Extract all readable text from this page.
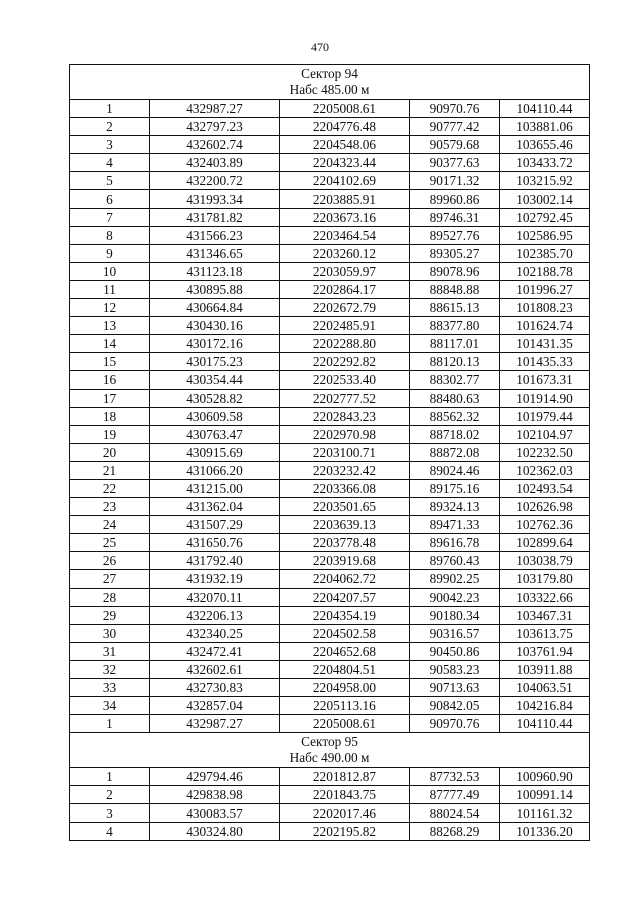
470
Сектор 94
Набс 485.00 м				

1	432987.27	2205008.61	90970.76	104110.44
2	432797.23	2204776.48	90777.42	103881.06
3	432602.74	2204548.06	90579.68	103655.46
4	432403.89	2204323.44	90377.63	103433.72
5	432200.72	2204102.69	90171.32	103215.92
6	431993.34	2203885.91	89960.86	103002.14
7	431781.82	2203673.16	89746.31	102792.45
8	431566.23	2203464.54	89527.76	102586.95
9	431346.65	2203260.12	89305.27	102385.70
10	431123.18	2203059.97	89078.96	102188.78
11	430895.88	2202864.17	88848.88	101996.27
12	430664.84	2202672.79	88615.13	101808.23
13	430430.16	2202485.91	88377.80	101624.74
14	430172.16	2202288.80	88117.01	101431.35
15	430175.23	2202292.82	88120.13	101435.33
16	430354.44	2202533.40	88302.77	101673.31
17	430528.82	2202777.52	88480.63	101914.90
18	430609.58	2202843.23	88562.32	101979.44
19	430763.47	2202970.98	88718.02	102104.97
20	430915.69	2203100.71	88872.08	102232.50
21	431066.20	2203232.42	89024.46	102362.03
22	431215.00	2203366.08	89175.16	102493.54
23	431362.04	2203501.65	89324.13	102626.98
24	431507.29	2203639.13	89471.33	102762.36
25	431650.76	2203778.48	89616.78	102899.64
26	431792.40	2203919.68	89760.43	103038.79
27	431932.19	2204062.72	89902.25	103179.80
28	432070.11	2204207.57	90042.23	103322.66
29	432206.13	2204354.19	90180.34	103467.31
30	432340.25	2204502.58	90316.57	103613.75
31	432472.41	2204652.68	90450.86	103761.94
32	432602.61	2204804.51	90583.23	103911.88
33	432730.83	2204958.00	90713.63	104063.51
34	432857.04	2205113.16	90842.05	104216.84
1	432987.27	2205008.61	90970.76	104110.44

Сектор 95
Набс 490.00 м				

1	429794.46	2201812.87	87732.53	100960.90
2	429838.98	2201843.75	87777.49	100991.14
3	430083.57	2202017.46	88024.54	101161.32
4	430324.80	2202195.82	88268.29	101336.20
